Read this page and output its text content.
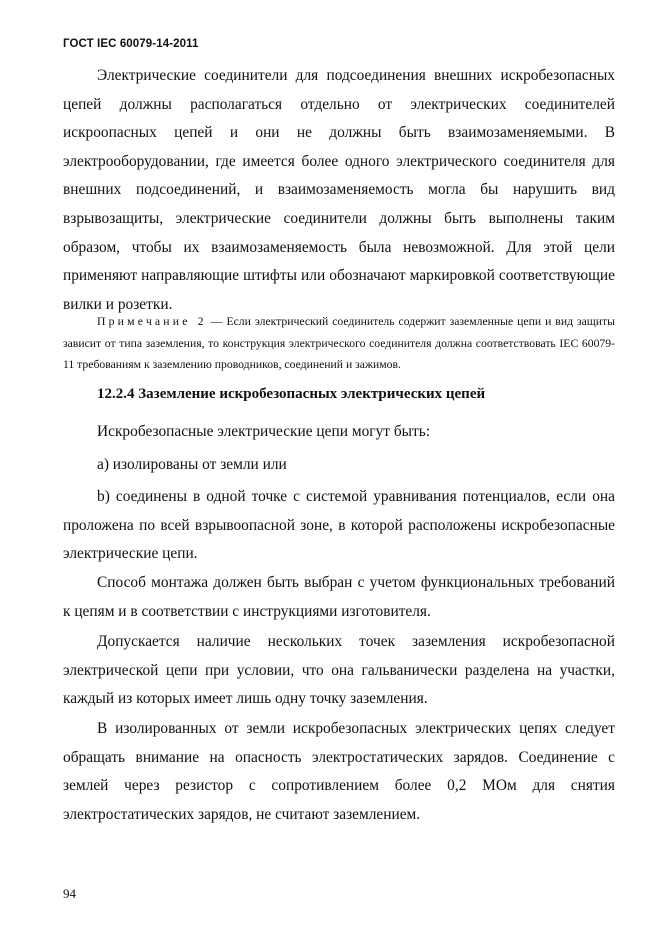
ГОСТ IEC 60079-14-2011

Электрические соединители для подсоединения внешних искробезопасных цепей должны располагаться отдельно от электрических соединителей искроопасных цепей и они не должны быть взаимозаменяемыми. В электрооборудовании, где имеется более одного электрического соединителя для внешних подсоединений, и взаимозаменяемость могла бы нарушить вид взрывозащиты, электрические соединители должны быть выполнены таким образом, чтобы их взаимозаменяемость была невозможной. Для этой цели применяют направляющие штифты или обозначают маркировкой соответствующие вилки и розетки.

Примечание 2 — Если электрический соединитель содержит заземленные цепи и вид защиты зависит от типа заземления, то конструкция электрического соединителя должна соответствовать IEC 60079-11 требованиям к заземлению проводников, соединений и зажимов.

12.2.4 Заземление искробезопасных электрических цепей

Искробезопасные электрические цепи могут быть:

a) изолированы от земли или

b) соединены в одной точке с системой уравнивания потенциалов, если она проложена по всей взрывоопасной зоне, в которой расположены искробезопасные электрические цепи.

Способ монтажа должен быть выбран с учетом функциональных требований к цепям и в соответствии с инструкциями изготовителя.

Допускается наличие нескольких точек заземления искробезопасной электрической цепи при условии, что она гальванически разделена на участки, каждый из которых имеет лишь одну точку заземления.

В изолированных от земли искробезопасных электрических цепях следует обращать внимание на опасность электростатических зарядов. Соединение с землей через резистор с сопротивлением более 0,2 МОм для снятия электростатических зарядов, не считают заземлением.

94
